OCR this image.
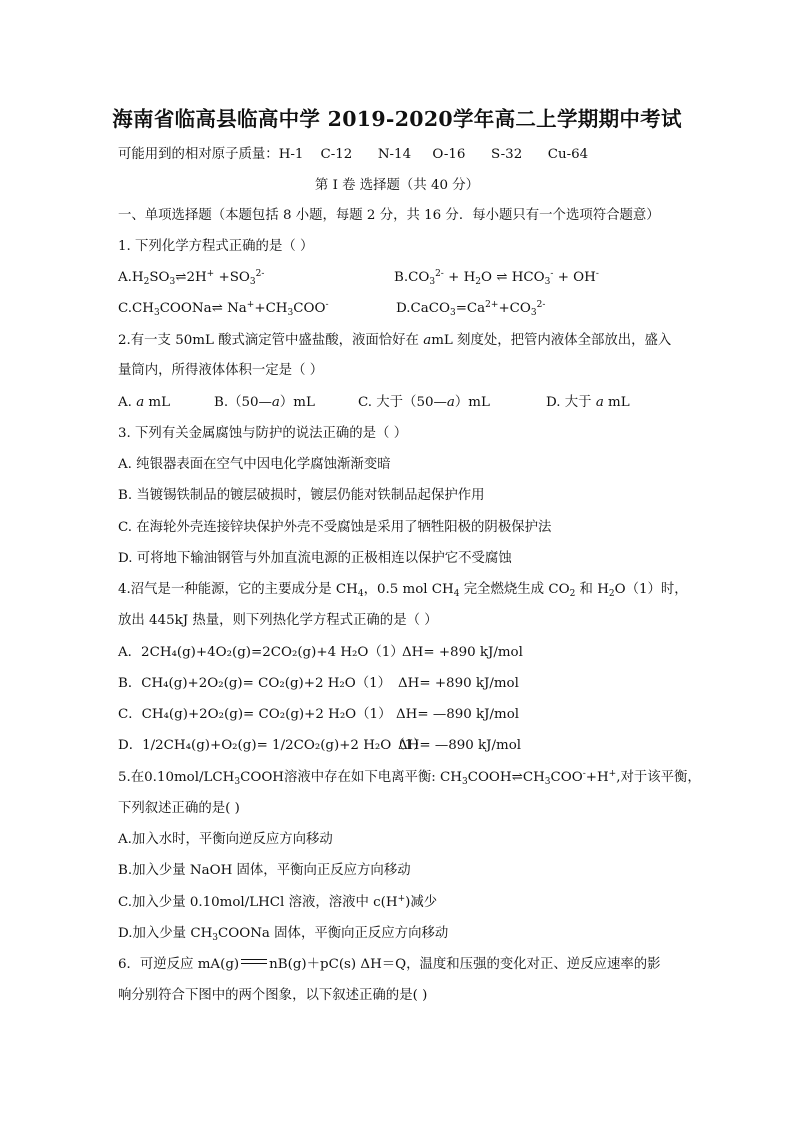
海南省临高县临高中学 2019-2020学年高二上学期期中考试
可能用到的相对原子质量：H-1 C-12 N-14 O-16 S-32 Cu-64
第 I 卷 选择题（共 40 分）
一、单项选择题（本题包括 8 小题，每题 2 分，共 16 分．每小题只有一个选项符合题意）
1. 下列化学方程式正确的是（ ）
$A.H_2SO_3\rightleftharpoons 2H^+ +SO_3^{2-}$	$B.CO_3^{2-} + H_2O$ ⇌ $HCO_3^- + OH^-$
$C.CH_3COONa\rightleftharpoons$ $Na^++CH_3COO^-$	$D.CaCO_3=Ca^{2+}+CO_3^{2-}$
2.有一支 50mL 酸式滴定管中盛盐酸，液面恰好在 amL 刻度处，把管内液体全部放出，盛入
量筒内，所得液体体积一定是（ ）
A. a mL	B.（50—a）mL	C. 大于（50—a）mL	D. 大于 a mL
3. 下列有关金属腐蚀与防护的说法正确的是（ ）
A. 纯银器表面在空气中因电化学腐蚀渐渐变暗
B. 当镀锡铁制品的镀层破损时，镀层仍能对铁制品起保护作用
C. 在海轮外壳连接锌块保护外壳不受腐蚀是采用了牺牲阳极的阴极保护法
D. 可将地下输油钢管与外加直流电源的正极相连以保护它不受腐蚀
4.沼气是一种能源，它的主要成分是 $CH_4$，0.5 mol $CH_4$ 完全燃烧生成 $CO_2$ 和 $H_2O(1)$时，
放出 445kJ 热量，则下列热化学方程式正确的是（ ）
A．2CH₄(g)+4O₂(g)=2CO₂(g)+4 H₂O（1）
ΔH= +890 kJ/mol
B．CH₄(g)+2O₂(g)= CO₂(g)+2 H₂O（1） ΔH= +890 kJ/mol
C．CH₄(g)+2O₂(g)= CO₂(g)+2 H₂O（1） ΔH= —890 kJ/mol
D．1/2CH₄(g)+O₂(g)= 1/2CO₂(g)+2 H₂O（1）
ΔH= —890 kJ/mol
5.在$0.10mol/LCH_3COOH$溶液中存在如下电离平衡: $CH_3COOH\rightleftharpoons CH_3COO^-+H^+$,对于该平衡，
下列叙述正确的是( )
A.加入水时，平衡向逆反应方向移动
B.加入少量 NaOH 固体，平衡向正反应方向移动
C.加入少量 0.10mol/LHCl 溶液，溶液中 c(H+)减少
D.加入少量 $CH_3COONa$ 固体，平衡向正反应方向移动
6．可逆反应 mA(g) nB(g)＋pC(s) ΔH＝Q，温度和压强的变化对正、逆反应速率的影
响分别符合下图中的两个图象，以下叙述正确的是( )
